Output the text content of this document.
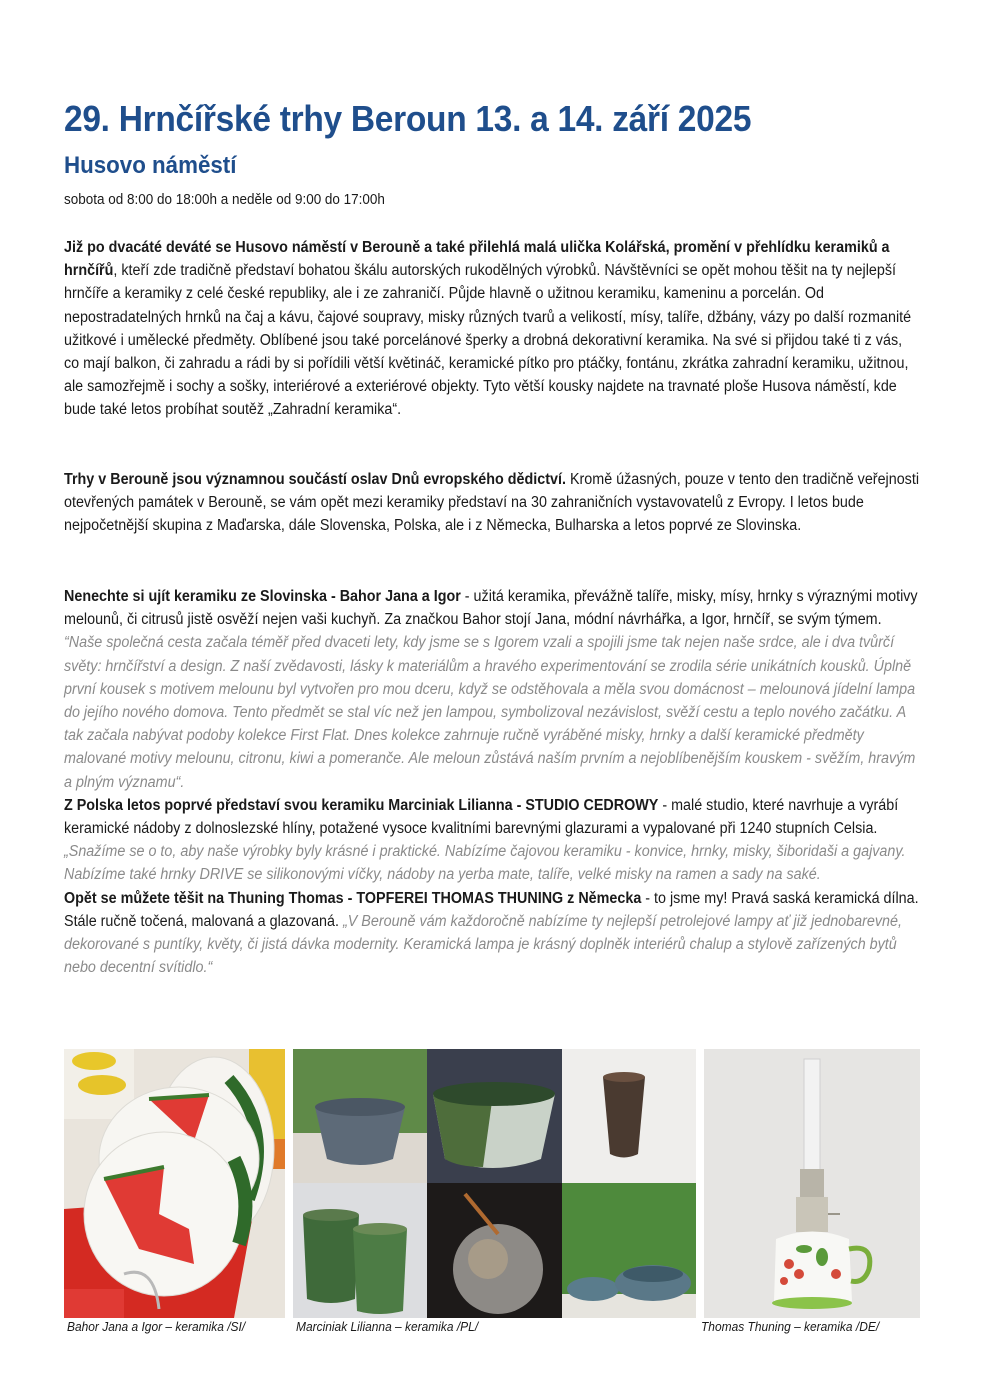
29. Hrnčířské trhy Beroun 13. a 14. září 2025
Husovo náměstí
sobota od 8:00 do 18:00h a neděle od 9:00 do 17:00h

Již po dvacáté deváté se Husovo náměstí v Berouně a také přilehlá malá ulička Kolářská, promění v přehlídku keramiků a hrnčířů, kteří zde tradičně představí bohatou škálu autorských rukodělných výrobků. Návštěvníci se opět mohou těšit na ty nejlepší hrnčíře a keramiky z celé české republiky, ale i ze zahraničí. Půjde hlavně o užitnou keramiku, kameninu a porcelán. Od nepostradatelných hrnků na čaj a kávu, čajové soupravy, misky různých tvarů a velikostí, mísy, talíře, džbány, vázy po další rozmanité užitkové i umělecké předměty. Oblíbené jsou také porcelánové šperky a drobná dekorativní keramika. Na své si přijdou také ti z vás, co mají balkon, či zahradu a rádi by si pořídili větší květináč, keramické pítko pro ptáčky, fontánu, zkrátka zahradní keramiku, užitnou, ale samozřejmě i sochy a sošky, interiérové a exteriérové objekty. Tyto větší kousky najdete na travnaté ploše Husova náměstí, kde bude také letos probíhat soutěž „Zahradní keramika“.

Trhy v Berouně jsou významnou součástí oslav Dnů evropského dědictví. Kromě úžasných, pouze v tento den tradičně veřejnosti otevřených památek v Berouně, se vám opět mezi keramiky představí na 30 zahraničních vystavovatelů z Evropy. I letos bude nejpočetnější skupina z Maďarska, dále Slovenska, Polska, ale i z Německa, Bulharska a letos poprvé ze Slovinska.

Nenechte si ujít keramiku ze Slovinska - Bahor Jana a Igor - užitá keramika, převážně talíře, misky, mísy, hrnky s výraznými motivy melounů, či citrusů jistě osvěží nejen vaši kuchyň. Za značkou Bahor stojí Jana, módní návrhářka, a Igor, hrnčíř, se svým týmem. “Naše společná cesta začala téměř před dvaceti lety, kdy jsme se s Igorem vzali a spojili jsme tak nejen naše srdce, ale i dva tvůrčí světy: hrnčířství a design. Z naší zvědavosti, lásky k materiálům a hravého experimentování se zrodila série unikátních kousků. Úplně první kousek s motivem melounu byl vytvořen pro mou dceru, když se odstěhovala a měla svou domácnost – melounová jídelní lampa do jejího nového domova. Tento předmět se stal víc než jen lampou, symbolizoval nezávislost, svěží cestu a teplo nového začátku. A tak začala nabývat podoby kolekce First Flat. Dnes kolekce zahrnuje ručně vyráběné misky, hrnky a další keramické předměty malované motivy melounu, citronu, kiwi a pomeranče. Ale meloun zůstává naším prvním a nejoblíbenějším kouskem - svěžím, hravým a plným významu“.

Z Polska letos poprvé představí svou keramiku Marciniak Lilianna - STUDIO CEDROWY - malé studio, které navrhuje a vyrábí keramické nádoby z dolnoslezské hlíny, potažené vysoce kvalitními barevnými glazurami a vypalované při 1240 stupních Celsia. „Snažíme se o to, aby naše výrobky byly krásné i praktické. Nabízíme čajovou keramiku - konvice, hrnky, misky, šiboridaši a gajvany. Nabízíme také hrnky DRIVE se silikonovými víčky, nádoby na yerba mate, talíře, velké misky na ramen a sady na saké.

Opět se můžete těšit na Thuning Thomas - TOPFEREI THOMAS THUNING z Německa - to jsme my! Pravá saská keramická dílna. Stále ručně točená, malovaná a glazovaná. „V Berouně vám každoročně nabízíme ty nejlepší petrolejové lampy ať již jednobarevné, dekorované s puntíky, květy, či jistá dávka modernity. Keramická lampa je krásný doplněk interiérů chalup a stylově zařízených bytů nebo decentní svítidlo.“

Bahor Jana a Igor – keramika /SI/	Marciniak Lilianna – keramika /PL/	Thomas Thuning – keramika /DE/
